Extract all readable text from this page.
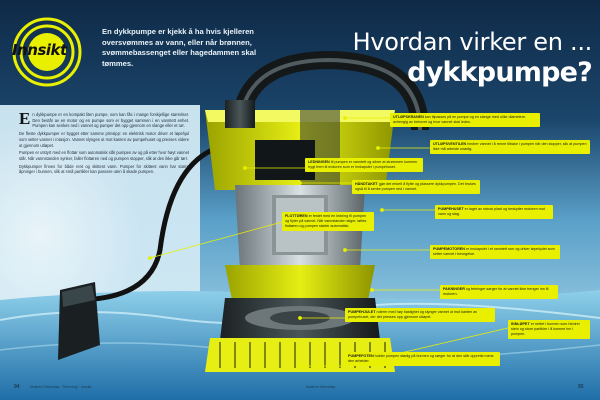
Innsikt
En dykkpumpe er kjekk å ha hvis kjelleren oversvømmes av vann, eller når brønnen, svømmebassenget eller hagedammen skal tømmes.
Hvordan virker en ...
dykkpumpe?

En dykkpumpe er en kompakt liten pumpe, som kan fås i mange forskjellige størrelser. Den består av en motor og en pumpe som er bygget sammen i en vanntett enhet. Pumpen kan senkes ned i vannet og pumper det opp gjennom en slange eller et rør.

De fleste dykkpumper er bygget etter samme prinsipp: en elektrisk motor driver et løpehjul som setter vannet i rotasjon. Vannet slynges ut mot kanten av pumpehuset og presses videre ut gjennom utløpet.

Pumpen er utstyrt med en flottør som automatisk slår pumpen av og på etter hvor høyt vannet står. Når vannstanden synker, faller flottøren ned og pumpen stopper, slik at den ikke går tørr.

Dykkpumper finnes for både rent og skittent vann. Pumper for skittent vann har større åpninger i bunnen, slik at små partikler kan passere uten å skade pumpen.

UTLØPSKRANEN kan tilpasses på en pumpe og en slange med ulike diametere, avhengig av behovet og hvor vannet skal ledes.
UTLØPSVENTILEN hindrer vannet i å renne tilbake i pumpen når den stopper, slik at pumpen ikke må arbeide unødig.
LEDNINGEN til pumpen er vanntett og sikrer at strømmen kommer trygt frem til motoren som er innkapslet i pumpehuset.
HÅNDTAKET gjør det enkelt å flytte og plassere dykkpumpen. Det brukes også til å senke pumpen ned i vannet.
PUMPEHUSET er laget av robust plast og beskytter motoren mot vann og slag.
FLOTTØREN er festet med en ledning til pumpen og flyter på vannet. Når vannstanden stiger, løftes flottøren og pumpen starter automatisk.
PUMPEMOTOREN er innkapslet i et vanntett rom og driver løpehjulet som setter vannet i bevegelse.
PAKNINGER og tetninger sørger for at vannet ikke trenger inn til motoren.
PUMPEHJULET roterer med høy hastighet og slynger vannet ut mot kanten av pumpehuset, der det presses opp gjennom utløpet.
INNLØPET er nettet i bunnen som hindrer stein og store partikler i å komme inn i pumpen.
PUMPEFOTEN holder pumpen stødig på bunnen og sørger for at den står oppreist mens den arbeider.
94	Illustrert Vitenskap · Teknologi · Innsikt	Illustrert Vitenskap	95
